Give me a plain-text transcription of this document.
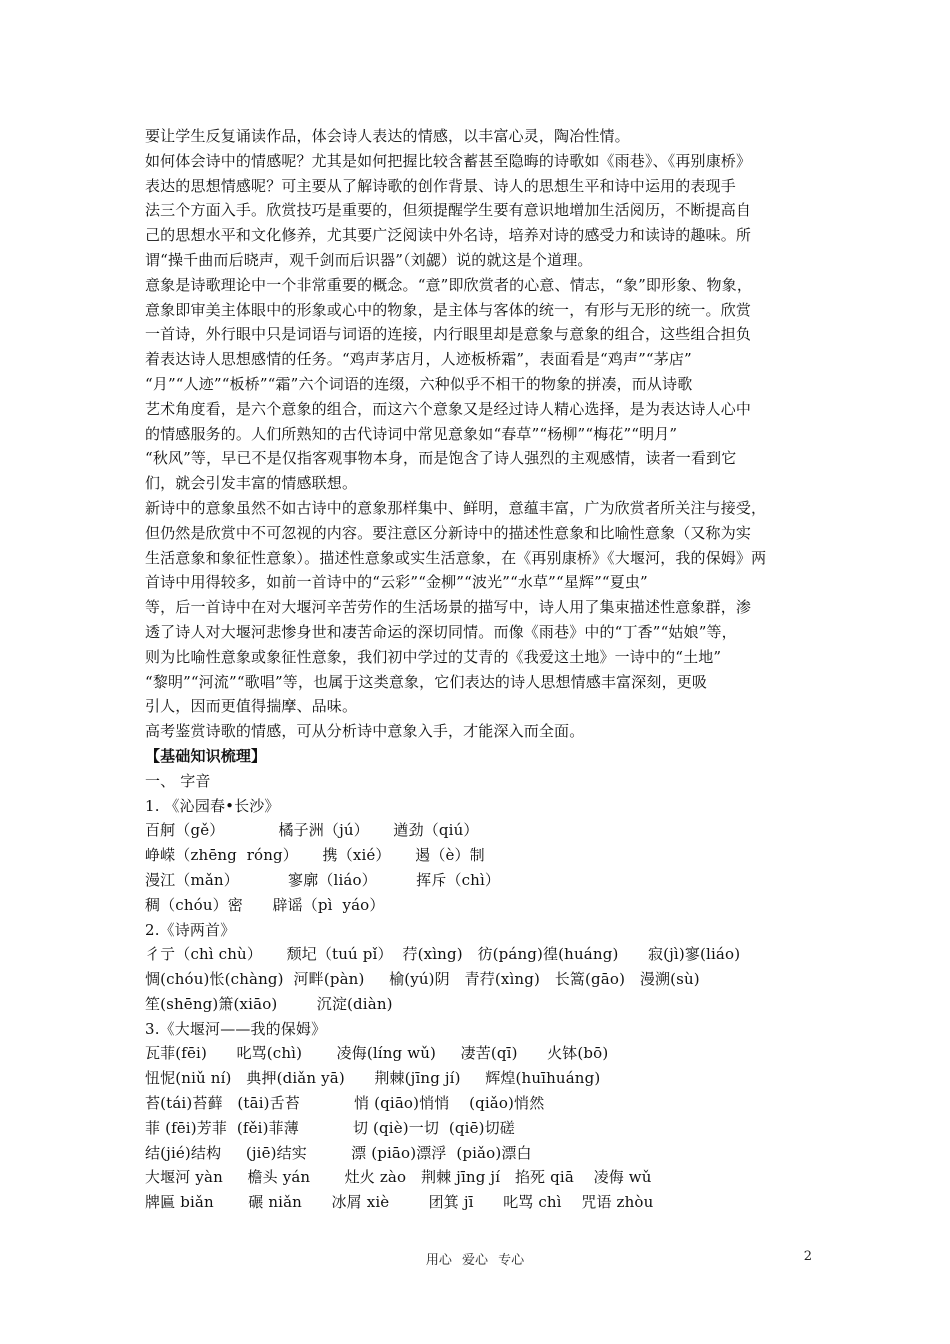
要让学生反复诵读作品，体会诗人表达的情感，以丰富心灵，陶冶性情。
如何体会诗中的情感呢？尤其是如何把握比较含蓄甚至隐晦的诗歌如《雨巷》、《再别康桥》
表达的思想情感呢？可主要从了解诗歌的创作背景、诗人的思想生平和诗中运用的表现手
法三个方面入手。欣赏技巧是重要的，但须提醒学生要有意识地增加生活阅历，不断提高自
己的思想水平和文化修养，尤其要广泛阅读中外名诗，培养对诗的感受力和读诗的趣味。所
谓“操千曲而后晓声，观千剑而后识器”（刘勰）说的就这是个道理。
意象是诗歌理论中一个非常重要的概念。“意”即欣赏者的心意、情志，“象”即形象、物象，
意象即审美主体眼中的形象或心中的物象，是主体与客体的统一，有形与无形的统一。欣赏
一首诗，外行眼中只是词语与词语的连接，内行眼里却是意象与意象的组合，这些组合担负
着表达诗人思想感情的任务。“鸡声茅店月，人迹板桥霜”，表面看是“鸡声”“茅店”
“月”“人迹”“板桥”“霜”六个词语的连缀，六种似乎不相干的物象的拼凑，而从诗歌
艺术角度看，是六个意象的组合，而这六个意象又是经过诗人精心选择，是为表达诗人心中
的情感服务的。人们所熟知的古代诗词中常见意象如“春草”“杨柳”“梅花”“明月”
“秋风”等，早已不是仅指客观事物本身，而是饱含了诗人强烈的主观感情，读者一看到它
们，就会引发丰富的情感联想。
新诗中的意象虽然不如古诗中的意象那样集中、鲜明，意蕴丰富，广为欣赏者所关注与接受，
但仍然是欣赏中不可忽视的内容。要注意区分新诗中的描述性意象和比喻性意象（又称为实
生活意象和象征性意象）。描述性意象或实生活意象，在《再别康桥》《大堰河，我的保姆》两
首诗中用得较多，如前一首诗中的“云彩”“金柳”“波光”“水草”“星辉”“夏虫”
等，后一首诗中在对大堰河辛苦劳作的生活场景的描写中，诗人用了集束描述性意象群，渗
透了诗人对大堰河悲惨身世和凄苦命运的深切同情。而像《雨巷》中的“丁香”“姑娘”等，
则为比喻性意象或象征性意象，我们初中学过的艾青的《我爱这土地》一诗中的“土地”
“黎明”“河流”“歌唱”等，也属于这类意象，它们表达的诗人思想情感丰富深刻，更吸
引人，因而更值得揣摩、品味。
高考鉴赏诗歌的情感，可从分析诗中意象入手，才能深入而全面。
【基础知识梳理】
一、 字音
1. 《沁园春•长沙》
百舸（gě）           橘子洲（jú）     遒劲（qiú）
峥嵘（zhēng  róng）     携（xié）     遏（è）制
漫江（mǎn）          寥廓（liáo）        挥斥（chì）
稠（chóu）密      辟谣（pì  yáo）
2.《诗两首》
彳亍（chì chù）     颓圮（tuú pǐ）  荇(xìng)   彷(páng)徨(huáng)      寂(jì)寥(liáo)
惆(chóu)怅(chàng)  河畔(pàn)     榆(yú)阴   青荇(xìng)   长篙(gāo)   漫溯(sù)
笙(shēng)箫(xiāo)        沉淀(diàn)
3.《大堰河——我的保姆》
瓦菲(fēi)      叱骂(chì)       凌侮(líng wǔ)     凄苦(qī)      火钵(bō)
忸怩(niǔ ní)   典押(diǎn yā)      荆棘(jīng jí)     辉煌(huīhuáng)
苔(tái)苔藓   (tāi)舌苔           悄 (qiāo)悄悄    (qiǎo)悄然
菲 (fēi)芳菲  (fěi)菲薄           切 (qiè)一切  (qiē)切磋
结(jié)结构     (jiē)结实         漂 (piāo)漂浮  (piǎo)漂白
大堰河 yàn     檐头 yán       灶火 zào   荆棘 jīng jí   掐死 qiā    凌侮 wǔ
牌匾 biǎn       碾 niǎn      冰屑 xiè        团箕 jī      叱骂 chì    咒语 zhòu
用心 爱心 专心	2
